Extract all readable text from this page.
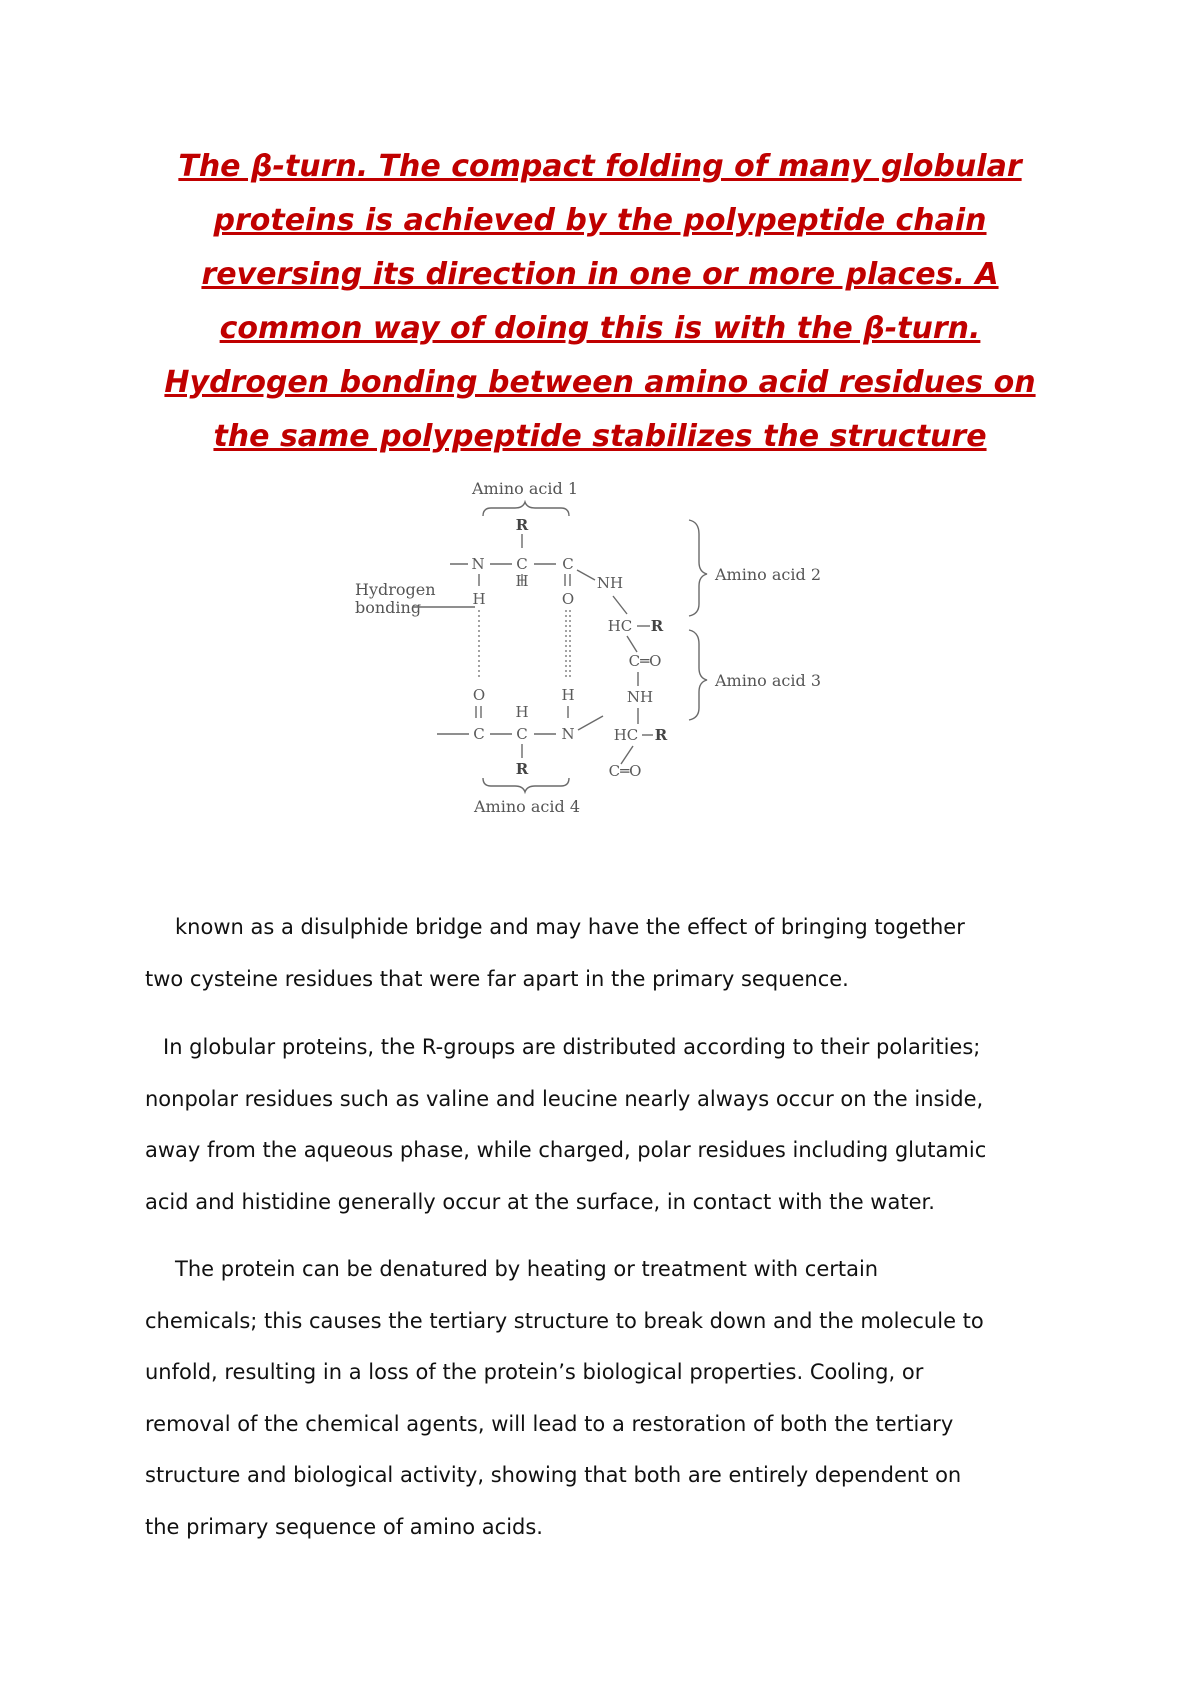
The β-turn. The compact folding of many globular
proteins is achieved by the polypeptide chain
reversing its direction in one or more places. A
common way of doing this is with the β-turn.
Hydrogen bonding between amino acid residues on
the same polypeptide stabilizes the structure
Amino acid 1
R
N C C
H
H
O
NH
HC R
C═O
NH
HC R
C═O
Amino acid 2
Amino acid 3
Hydrogen
bonding
O	H
H
C C N
R
Amino acid 4
known as a disulphide bridge and may have the effect of bringing together
two cysteine residues that were far apart in the primary sequence.
In globular proteins, the R-groups are distributed according to their polarities;
nonpolar residues such as valine and leucine nearly always occur on the inside,
away from the aqueous phase, while charged, polar residues including glutamic
acid and histidine generally occur at the surface, in contact with the water.
The protein can be denatured by heating or treatment with certain
chemicals; this causes the tertiary structure to break down and the molecule to
unfold, resulting in a loss of the protein’s biological properties. Cooling, or
removal of the chemical agents, will lead to a restoration of both the tertiary
structure and biological activity, showing that both are entirely dependent on
the primary sequence of amino acids.
